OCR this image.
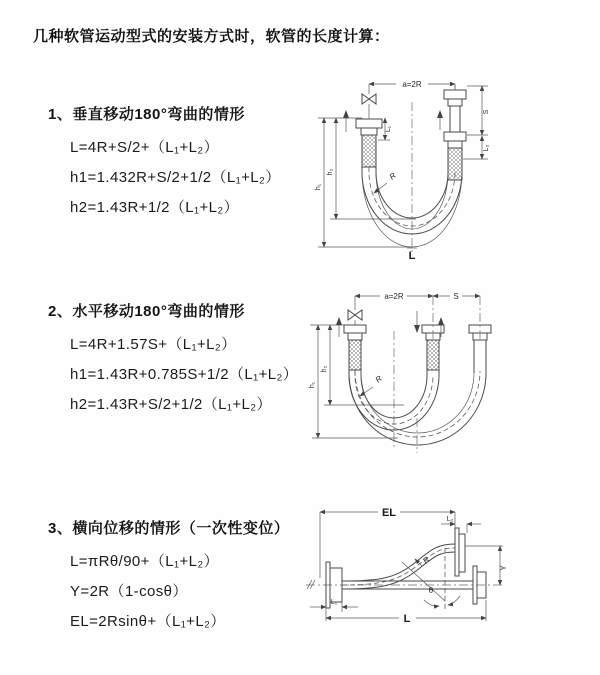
几种软管运动型式的安装方式时，软管的长度计算：

1、垂直移动180°弯曲的情形

L=4R+S/2+（L₁+L₂）

h1=1.432R+S/2+1/2（L₁+L₂）

h2=1.43R+1/2（L₁+L₂）

a=2R
L₁
S
L₂
h₁
h₂	R
L

2、水平移动180°弯曲的情形

L=4R+1.57S+（L₁+L₂）

h1=1.43R+0.785S+1/2（L₁+L₂）

h2=1.43R+S/2+1/2（L₁+L₂）

a=2R	S
h₁
h₂
R

3、横向位移的情形（一次性变位）

L=πRθ/90+（L₁+L₂）

Y=2R（1-cosθ）

EL=2Rsinθ+（L₁+L₂）

EL
L₂
Y
R
θ
L₁
L
